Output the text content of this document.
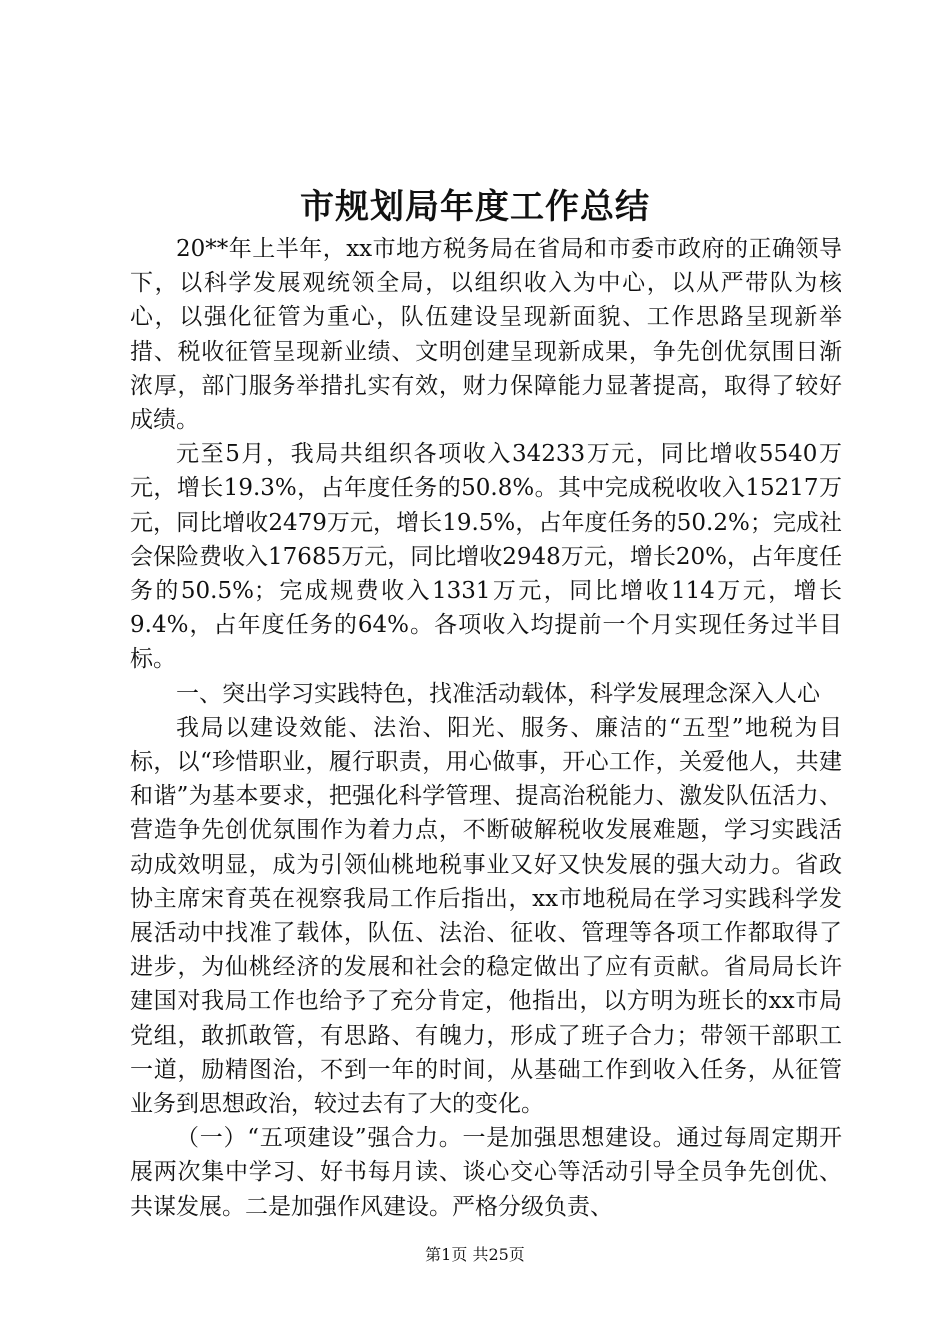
市规划局年度工作总结

20**年上半年，xx市地方税务局在省局和市委市政府的正确领导下，以科学发展观统领全局，以组织收入为中心，以从严带队为核心，以强化征管为重心，队伍建设呈现新面貌、工作思路呈现新举措、税收征管呈现新业绩、文明创建呈现新成果，争先创优氛围日渐浓厚，部门服务举措扎实有效，财力保障能力显著提高，取得了较好成绩。

元至5月，我局共组织各项收入34233万元，同比增收5540万元，增长19.3%，占年度任务的50.8%。其中完成税收收入15217万元，同比增收2479万元，增长19.5%，占年度任务的50.2%；完成社会保险费收入17685万元，同比增收2948万元，增长20%，占年度任务的50.5%；完成规费收入1331万元，同比增收114万元，增长9.4%，占年度任务的64%。各项收入均提前一个月实现任务过半目标。

一、突出学习实践特色，找准活动载体，科学发展理念深入人心

我局以建设效能、法治、阳光、服务、廉洁的“五型”地税为目标，以“珍惜职业，履行职责，用心做事，开心工作，关爱他人，共建和谐”为基本要求，把强化科学管理、提高治税能力、激发队伍活力、营造争先创优氛围作为着力点，不断破解税收发展难题，学习实践活动成效明显，成为引领仙桃地税事业又好又快发展的强大动力。省政协主席宋育英在视察我局工作后指出，xx市地税局在学习实践科学发展活动中找准了载体，队伍、法治、征收、管理等各项工作都取得了进步，为仙桃经济的发展和社会的稳定做出了应有贡献。省局局长许建国对我局工作也给予了充分肯定，他指出，以方明为班长的xx市局党组，敢抓敢管，有思路、有魄力，形成了班子合力；带领干部职工一道，励精图治，不到一年的时间，从基础工作到收入任务，从征管业务到思想政治，较过去有了大的变化。

（一）“五项建设”强合力。一是加强思想建设。通过每周定期开展两次集中学习、好书每月读、谈心交心等活动引导全员争先创优、共谋发展。二是加强作风建设。严格分级负责、

第1页 共25页
